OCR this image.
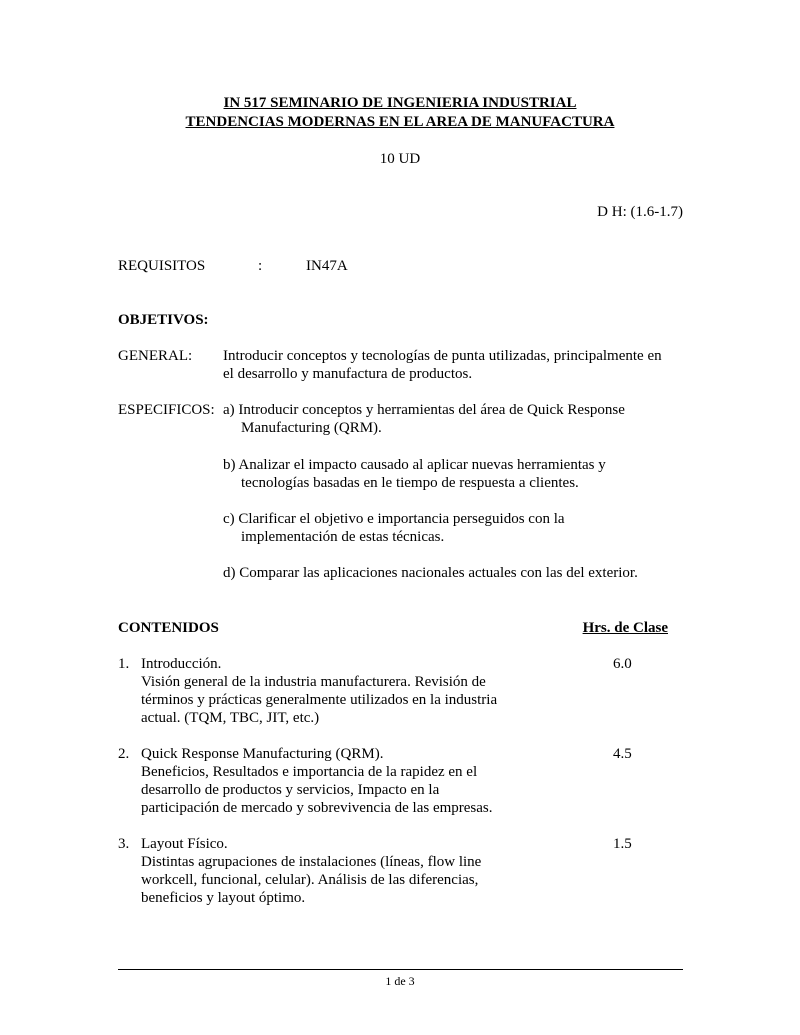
IN 517 SEMINARIO DE INGENIERIA INDUSTRIAL
TENDENCIAS MODERNAS EN EL AREA DE MANUFACTURA
10 UD
D H: (1.6-1.7)
REQUISITOS	:	IN47A
OBJETIVOS:
GENERAL: Introducir conceptos y tecnologías de punta utilizadas, principalmente en
el desarrollo y manufactura de productos.
ESPECIFICOS: a) Introducir conceptos y herramientas del área de Quick Response
Manufacturing (QRM).
b) Analizar el impacto causado al aplicar nuevas herramientas y
tecnologías basadas en le tiempo de respuesta a clientes.
c) Clarificar el objetivo e importancia perseguidos con la
implementación de estas técnicas.
d) Comparar las aplicaciones nacionales actuales con las del exterior.
CONTENIDOS	Hrs. de Clase
1. Introducción.
Visión general de la industria manufacturera. Revisión de
términos y prácticas generalmente utilizados en la industria
actual. (TQM, TBC, JIT, etc.)
6.0
2. Quick Response Manufacturing (QRM).
Beneficios, Resultados e importancia de la rapidez en el
desarrollo de productos y servicios, Impacto en la
participación de mercado y sobrevivencia de las empresas.
4.5
3. Layout Físico.
Distintas agrupaciones de instalaciones (líneas, flow line
workcell, funcional, celular). Análisis de las diferencias,
beneficios y layout óptimo.
1.5
1 de 3
